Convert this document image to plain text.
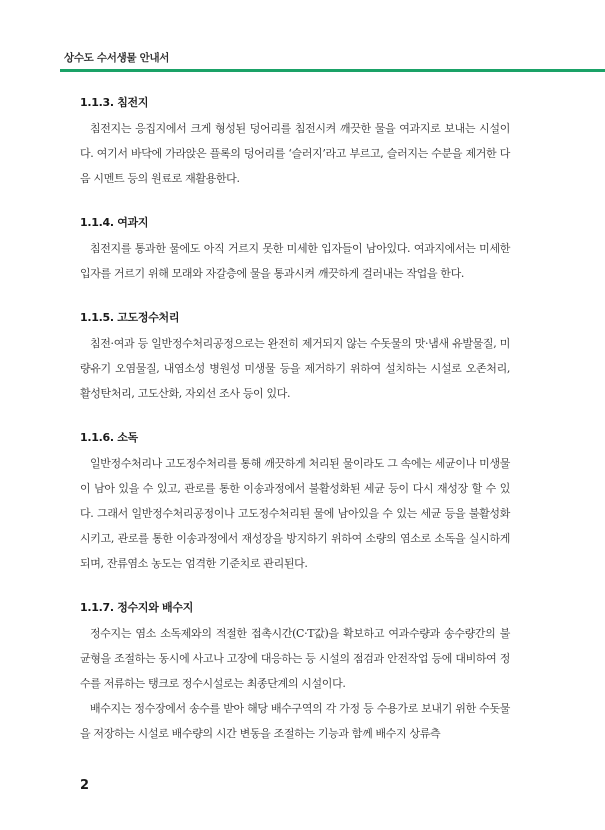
상수도 수서생물 안내서
1.1.3. 침전지

침전지는 응집지에서 크게 형성된 덩어리를 침전시켜 깨끗한 물을 여과지로 보내는 시설이다. 여기서 바닥에 가라앉은 플록의 덩어리를 ‘슬러지’라고 부르고, 슬러지는 수분을 제거한 다음 시멘트 등의 원료로 재활용한다.

1.1.4. 여과지

침전지를 통과한 물에도 아직 거르지 못한 미세한 입자들이 남아있다. 여과지에서는 미세한 입자를 거르기 위해 모래와 자갈층에 물을 통과시켜 깨끗하게 걸러내는 작업을 한다.

1.1.5. 고도정수처리

침전·여과 등 일반정수처리공정으로는 완전히 제거되지 않는 수돗물의 맛·냄새 유발물질, 미량유기 오염물질, 내염소성 병원성 미생물 등을 제거하기 위하여 설치하는 시설로 오존처리, 활성탄처리, 고도산화, 자외선 조사 등이 있다.

1.1.6. 소독

일반정수처리나 고도정수처리를 통해 깨끗하게 처리된 물이라도 그 속에는 세균이나 미생물이 남아 있을 수 있고, 관로를 통한 이송과정에서 불활성화된 세균 등이 다시 재성장 할 수 있다. 그래서 일반정수처리공정이나 고도정수처리된 물에 남아있을 수 있는 세균 등을 불활성화시키고, 관로를 통한 이송과정에서 재성장을 방지하기 위하여 소량의 염소로 소독을 실시하게 되며, 잔류염소 농도는 엄격한 기준치로 관리된다.

1.1.7. 정수지와 배수지

정수지는 염소 소독제와의 적절한 접촉시간(C·T값)을 확보하고 여과수량과 송수량간의 불균형을 조절하는 동시에 사고나 고장에 대응하는 등 시설의 점검과 안전작업 등에 대비하여 정수를 저류하는 탱크로 정수시설로는 최종단계의 시설이다.

배수지는 정수장에서 송수를 받아 해당 배수구역의 각 가정 등 수용가로 보내기 위한 수돗물을 저장하는 시설로 배수량의 시간 변동을 조절하는 기능과 함께 배수지 상류측

2
